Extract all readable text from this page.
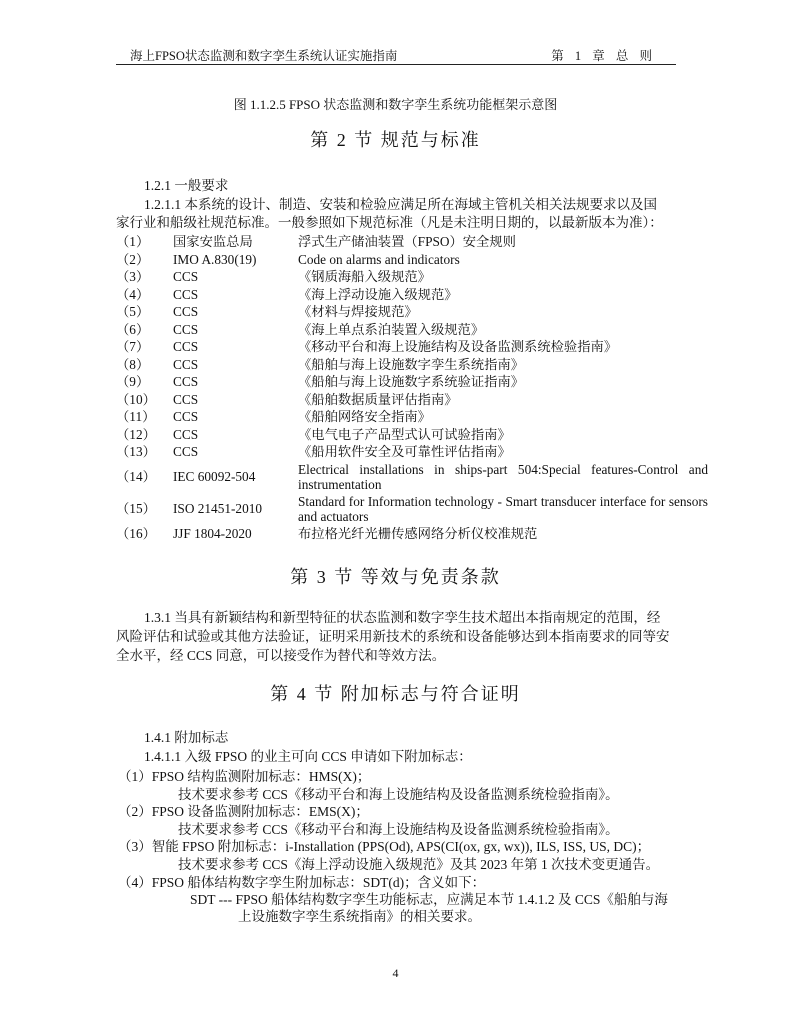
海上FPSO状态监测和数字孪生系统认证实施指南	第 1 章 总 则
图 1.1.2.5 FPSO 状态监测和数字孪生系统功能框架示意图
第 2 节 规范与标准
1.2.1 一般要求
1.2.1.1 本系统的设计、制造、安装和检验应满足所在海域主管机关相关法规要求以及国
家行业和船级社规范标准。一般参照如下规范标准（凡是未注明日期的，以最新版本为准）：
（1）	国家安监总局	浮式生产储油装置（FPSO）安全规则
（2）	IMO A.830(19)	Code on alarms and indicators
（3）	CCS	《钢质海船入级规范》
（4）	CCS	《海上浮动设施入级规范》
（5）	CCS	《材料与焊接规范》
（6）	CCS	《海上单点系泊装置入级规范》
（7）	CCS	《移动平台和海上设施结构及设备监测系统检验指南》
（8）	CCS	《船舶与海上设施数字孪生系统指南》
（9）	CCS	《船舶与海上设施数字系统验证指南》
（10）	CCS	《船舶数据质量评估指南》
（11）	CCS	《船舶网络安全指南》
（12）	CCS	《电气电子产品型式认可试验指南》
（13）	CCS	《船用软件安全及可靠性评估指南》
（14）	IEC 60092-504	Electrical installations in ships-part 504:Special features-Control and instrumentation
（15）	ISO 21451-2010	Standard for Information technology - Smart transducer interface for sensors and actuators
（16）	JJF 1804-2020	布拉格光纤光栅传感网络分析仪校准规范
第 3 节 等效与免责条款
1.3.1 当具有新颖结构和新型特征的状态监测和数字孪生技术超出本指南规定的范围，经
风险评估和试验或其他方法验证，证明采用新技术的系统和设备能够达到本指南要求的同等安
全水平，经 CCS 同意，可以接受作为替代和等效方法。
第 4 节 附加标志与符合证明
1.4.1 附加标志
1.4.1.1 入级 FPSO 的业主可向 CCS 申请如下附加标志：
（1）FPSO 结构监测附加标志：HMS(X)；
技术要求参考 CCS《移动平台和海上设施结构及设备监测系统检验指南》。
（2）FPSO 设备监测附加标志：EMS(X)；
技术要求参考 CCS《移动平台和海上设施结构及设备监测系统检验指南》。
（3）智能 FPSO 附加标志：i-Installation (PPS(Od), APS(CI(ox, gx, wx)), ILS, ISS, US, DC)；
技术要求参考 CCS《海上浮动设施入级规范》及其 2023 年第 1 次技术变更通告。
（4）FPSO 船体结构数字孪生附加标志：SDT(d)；含义如下：
SDT --- FPSO 船体结构数字孪生功能标志，应满足本节 1.4.1.2 及 CCS《船舶与海
上设施数字孪生系统指南》的相关要求。
4
